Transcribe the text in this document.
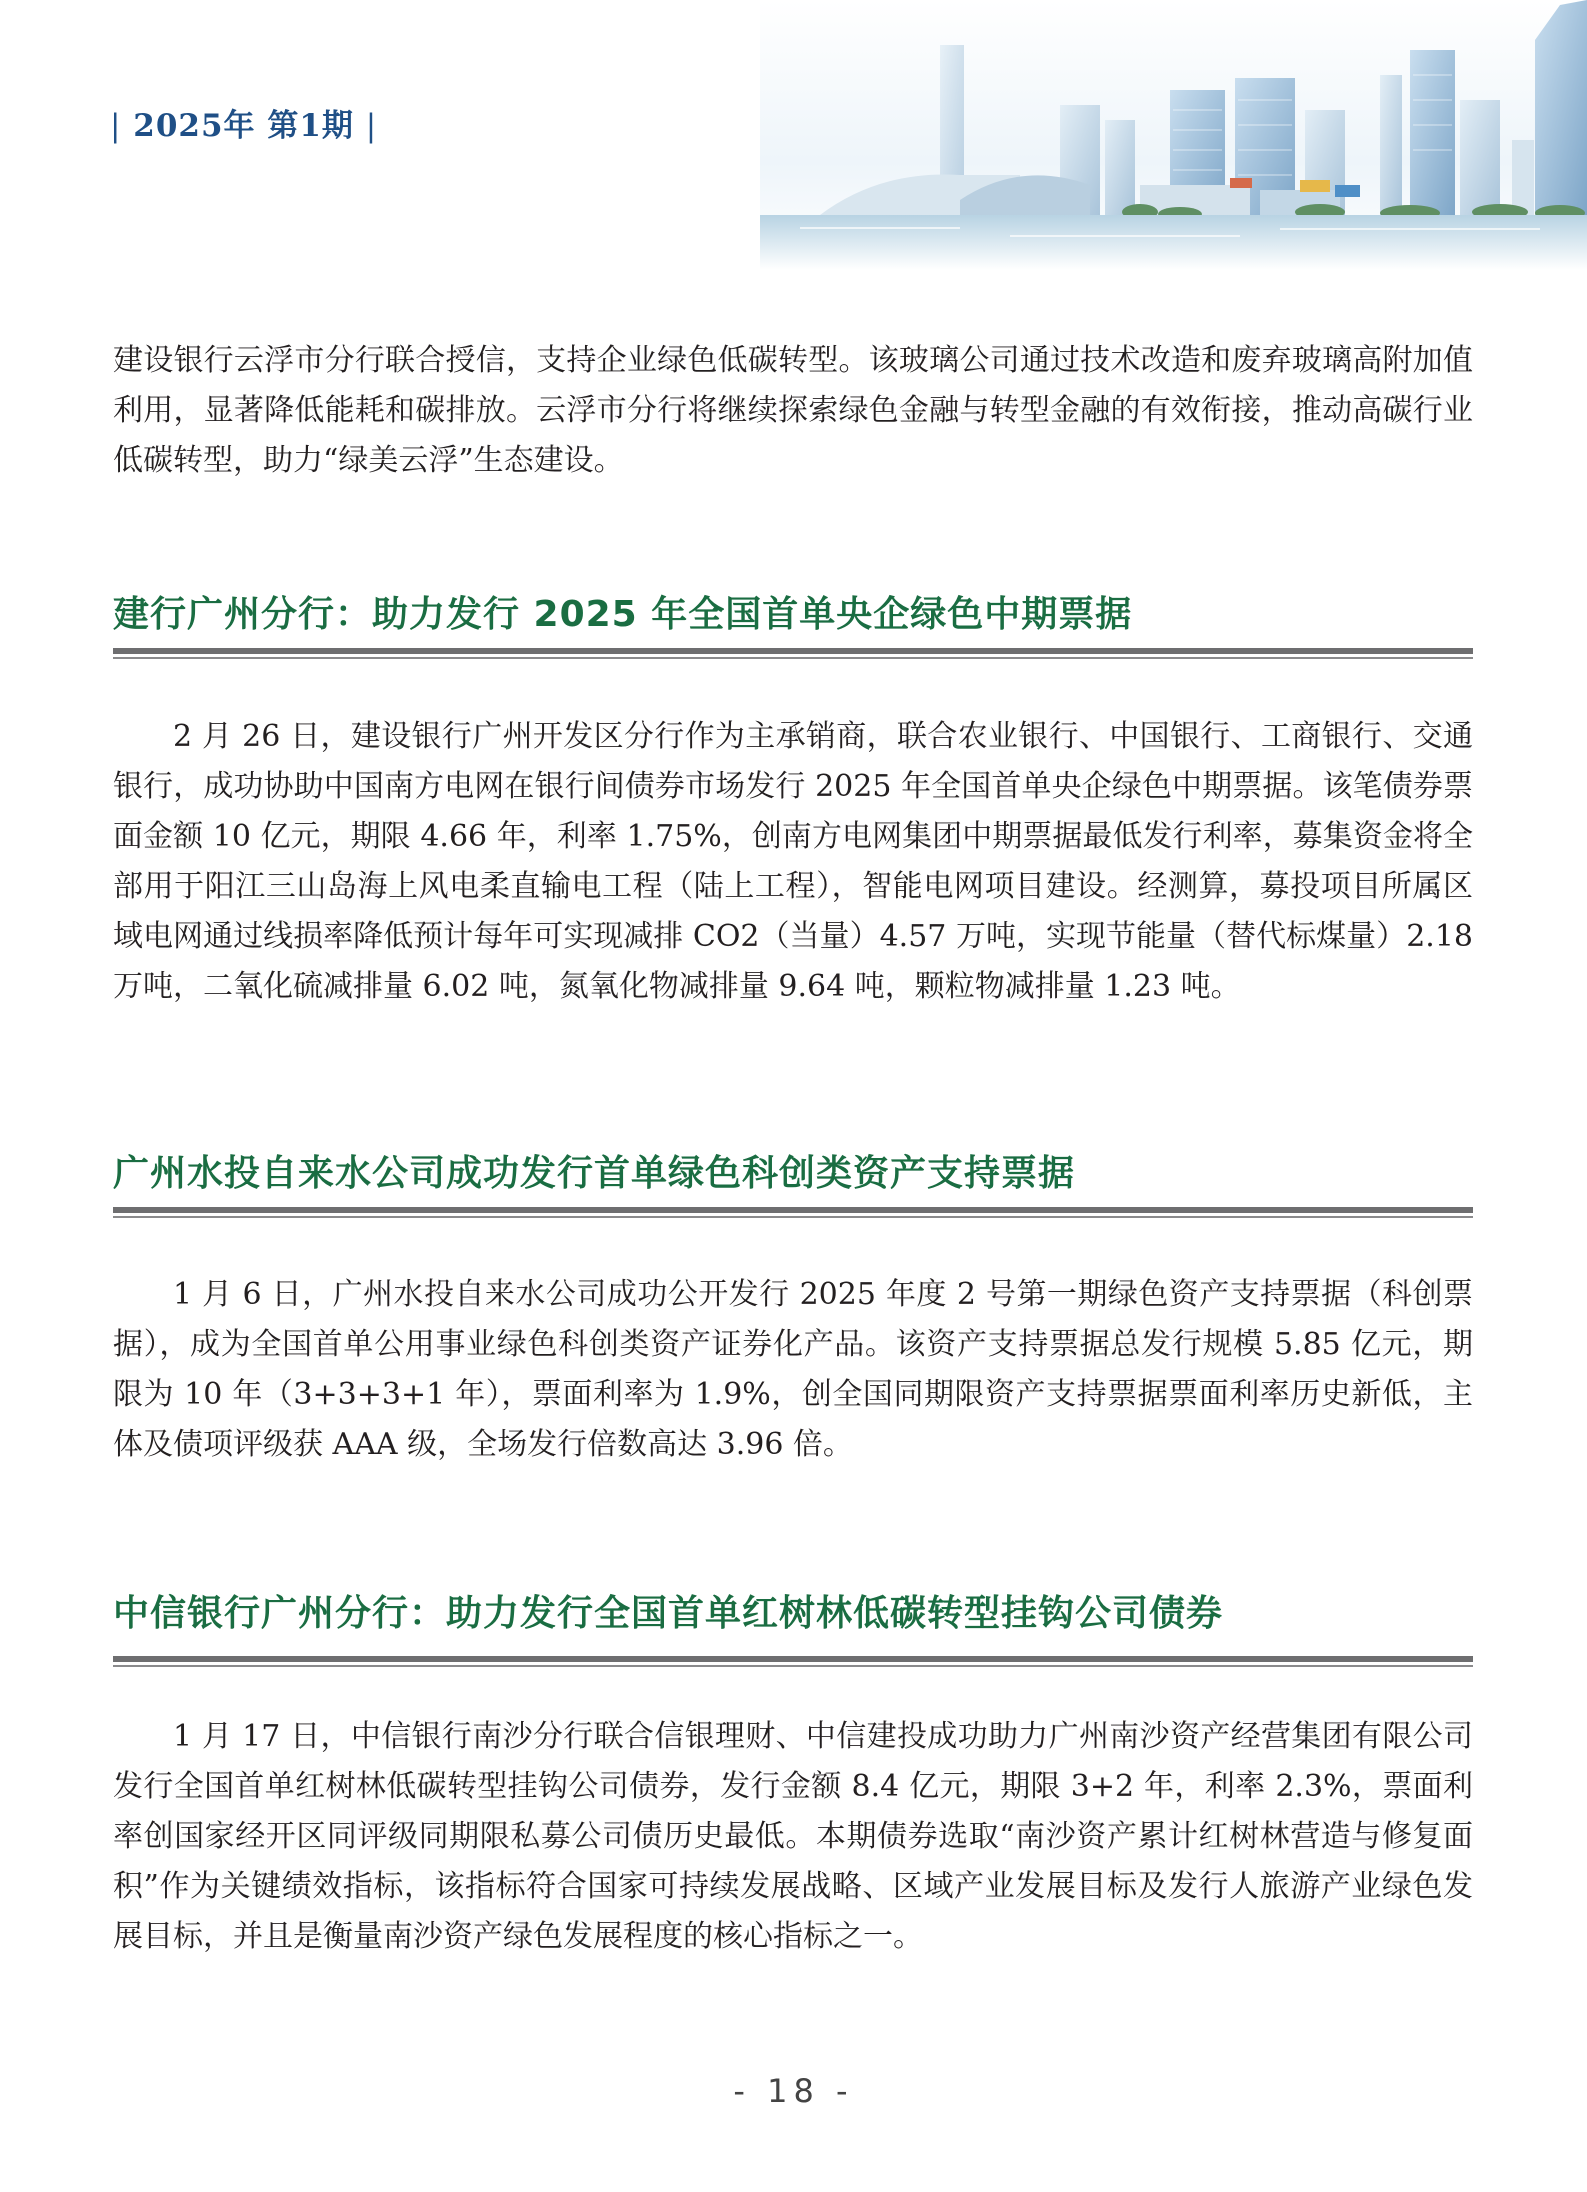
| 2025年 第1期 |

建设银行云浮市分行联合授信，支持企业绿色低碳转型。该玻璃公司通过技术改造和废弃玻璃高附加值利用，显著降低能耗和碳排放。云浮市分行将继续探索绿色金融与转型金融的有效衔接，推动高碳行业低碳转型，助力“绿美云浮”生态建设。

建行广州分行：助力发行 2025 年全国首单央企绿色中期票据

2 月 26 日，建设银行广州开发区分行作为主承销商，联合农业银行、中国银行、工商银行、交通银行，成功协助中国南方电网在银行间债券市场发行 2025 年全国首单央企绿色中期票据。该笔债券票面金额 10 亿元，期限 4.66 年，利率 1.75%，创南方电网集团中期票据最低发行利率，募集资金将全部用于阳江三山岛海上风电柔直输电工程（陆上工程），智能电网项目建设。经测算，募投项目所属区域电网通过线损率降低预计每年可实现减排 CO2（当量）4.57 万吨，实现节能量（替代标煤量）2.18 万吨，二氧化硫减排量 6.02 吨，氮氧化物减排量 9.64 吨，颗粒物减排量 1.23 吨。

广州水投自来水公司成功发行首单绿色科创类资产支持票据

1 月 6 日，广州水投自来水公司成功公开发行 2025 年度 2 号第一期绿色资产支持票据（科创票据），成为全国首单公用事业绿色科创类资产证券化产品。该资产支持票据总发行规模 5.85 亿元，期限为 10 年（3+3+3+1 年），票面利率为 1.9%，创全国同期限资产支持票据票面利率历史新低，主体及债项评级获 AAA 级，全场发行倍数高达 3.96 倍。

中信银行广州分行：助力发行全国首单红树林低碳转型挂钩公司债券

1 月 17 日，中信银行南沙分行联合信银理财、中信建投成功助力广州南沙资产经营集团有限公司发行全国首单红树林低碳转型挂钩公司债券，发行金额 8.4 亿元，期限 3+2 年，利率 2.3%，票面利率创国家经开区同评级同期限私募公司债历史最低。本期债券选取“南沙资产累计红树林营造与修复面积”作为关键绩效指标，该指标符合国家可持续发展战略、区域产业发展目标及发行人旅游产业绿色发展目标，并且是衡量南沙资产绿色发展程度的核心指标之一。

- 18 -
